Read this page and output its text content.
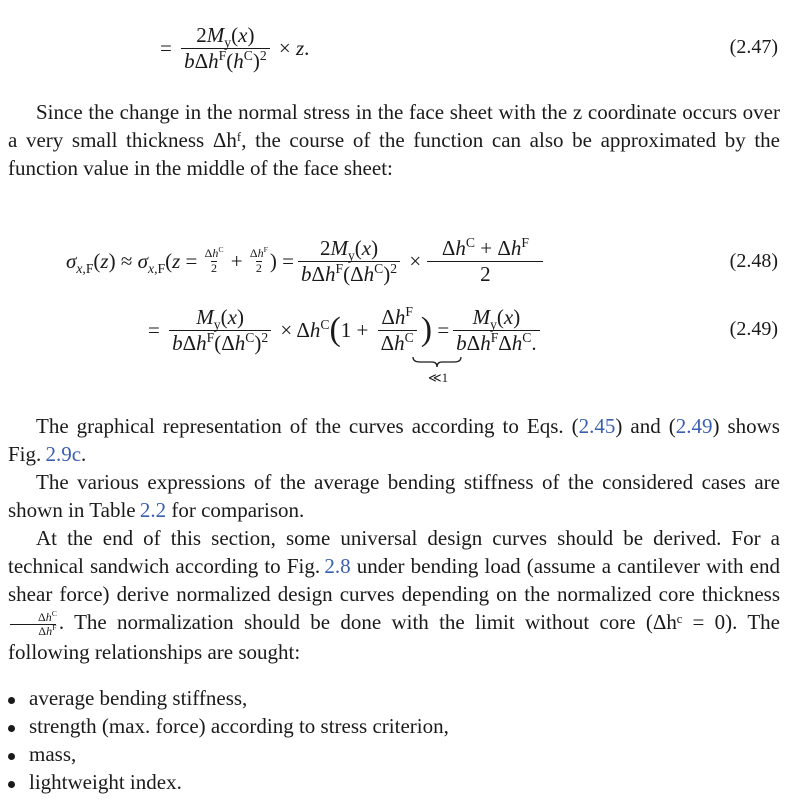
= $\frac{2M_y(x)}{b\Delta h^F(h^C)^2} \times z$.	(2.47)
Since the change in the normal stress in the face sheet with the z coordinate occurs over a very small thickness Δhᶠ, the course of the function can also be approximated by the function value in the middle of the face sheet:
$\sigma_{x,F}(z) \approx \sigma_{x,F}(z = \frac{\Delta h^C}{2} + \frac{\Delta h^F}{2}$ ) = $\frac{2M_y(x)}{b\Delta h^F(\Delta h^C)^2} \times \frac{\Delta h^C + \Delta h^F}{2}$	(2.48)
= $\frac{M_y(x)}{b\Delta h^F(\Delta h^C)^2} \times \Delta h^C$ ( $1 + \frac{\Delta h^F}{\Delta h^C}$ ) = $\frac{M_y(x)}{b\Delta h^F\Delta h^C.}$
≪1
(2.49)
The graphical representation of the curves according to Eqs. (2.45) and (2.49) shows Fig. 2.9c.
The various expressions of the average bending stiffness of the considered cases are shown in Table 2.2 for comparison.
At the end of this section, some universal design curves should be derived. For a technical sandwich according to Fig. 2.8 under bending load (assume a cantilever with end shear force) derive normalized design curves depending on the normalized core thickness
$\frac{\Delta h^C}{\Delta h^F}$ . The normalization should be done with the limit without core (Δhᶜ = 0). The following relationships are sought:
average bending stiffness,
strength (max. force) according to stress criterion,
mass,
lightweight index.
